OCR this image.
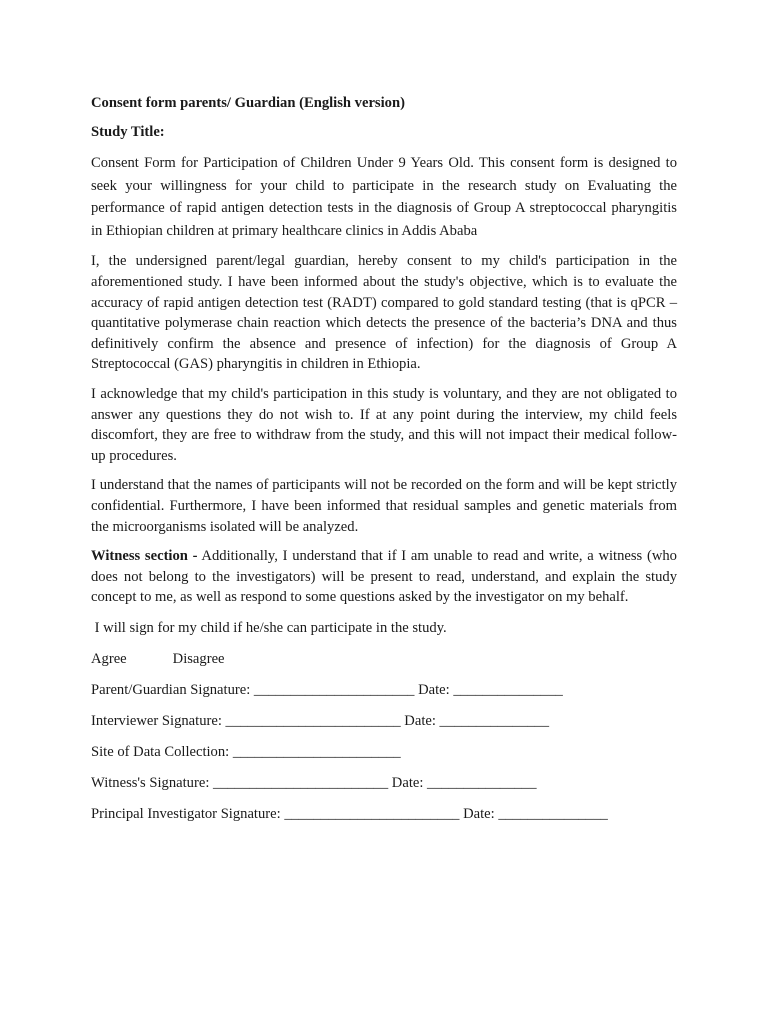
Consent form parents/ Guardian (English version)

Study Title:

Consent Form for Participation of Children Under 9 Years Old. This consent form is designed to seek your willingness for your child to participate in the research study on Evaluating the performance of rapid antigen detection tests in the diagnosis of Group A streptococcal pharyngitis in Ethiopian children at primary healthcare clinics in Addis Ababa

I, the undersigned parent/legal guardian, hereby consent to my child's participation in the aforementioned study. I have been informed about the study's objective, which is to evaluate the accuracy of rapid antigen detection test (RADT) compared to gold standard testing (that is qPCR – quantitative polymerase chain reaction which detects the presence of the bacteria’s DNA and thus definitively confirm the absence and presence of infection) for the diagnosis of Group A Streptococcal (GAS) pharyngitis in children in Ethiopia.

I acknowledge that my child's participation in this study is voluntary, and they are not obligated to answer any questions they do not wish to. If at any point during the interview, my child feels discomfort, they are free to withdraw from the study, and this will not impact their medical follow-up procedures.

I understand that the names of participants will not be recorded on the form and will be kept strictly confidential. Furthermore, I have been informed that residual samples and genetic materials from the microorganisms isolated will be analyzed.

Witness section - Additionally, I understand that if I am unable to read and write, a witness (who does not belong to the investigators) will be present to read, understand, and explain the study concept to me, as well as respond to some questions asked by the investigator on my behalf.

I will sign for my child if he/she can participate in the study.

Agree	Disagree

Parent/Guardian Signature: ______________________ Date: _______________

Interviewer Signature: ________________________ Date: _______________

Site of Data Collection: _______________________

Witness's Signature: ________________________ Date: _______________

Principal Investigator Signature: ________________________ Date: _______________
